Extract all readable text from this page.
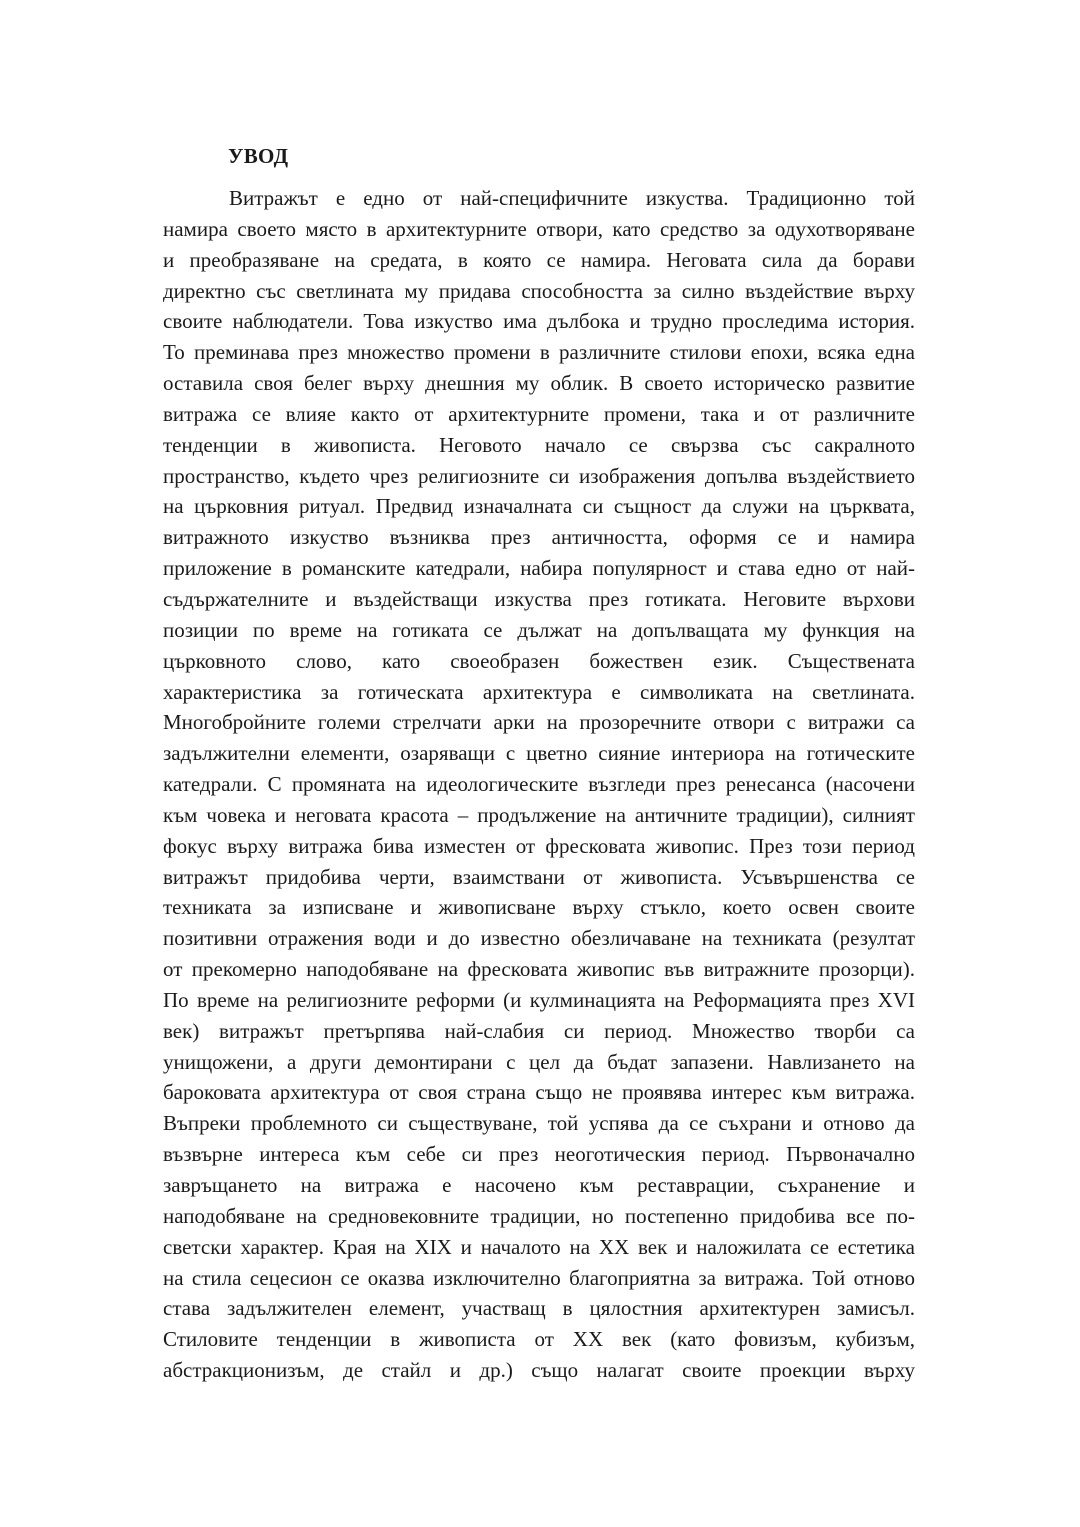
УВОД
Витражът е едно от най-специфичните изкуства. Традиционно той
намира своето място в архитектурните отвори, като средство за одухотворяване
и преобразяване на средата, в която се намира. Неговата сила да борави
директно със светлината му придава способността за силно въздействие върху
своите наблюдатели. Това изкуство има дълбока и трудно проследима история.
То преминава през множество промени в различните стилови епохи, всяка една
оставила своя белег върху днешния му облик. В своето историческо развитие
витража се влияе както от архитектурните промени, така и от различните
тенденции в живописта. Неговото начало се свързва със сакралното
пространство, където чрез религиозните си изображения допълва въздействието
на църковния ритуал. Предвид изначалната си същност да служи на църквата,
витражното изкуство възниква през античността, оформя се и намира
приложение в романските катедрали, набира популярност и става едно от най-
съдържателните и въздействащи изкуства през готиката. Неговите върхови
позиции по време на готиката се дължат на допълващата му функция на
църковното слово, като своеобразен божествен език. Съществената
характеристика за готическата архитектура е символиката на светлината.
Многобройните големи стрелчати арки на прозоречните отвори с витражи са
задължителни елементи, озаряващи с цветно сияние интериора на готическите
катедрали. С промяната на идеологическите възгледи през ренесанса (насочени
към човека и неговата красота – продължение на античните традиции), силният
фокус върху витража бива изместен от фресковата живопис. През този период
витражът придобива черти, взаимствани от живописта. Усъвършенства се
техниката за изписване и живописване върху стъкло, което освен своите
позитивни отражения води и до известно обезличаване на техниката (резултат
от прекомерно наподобяване на фресковата живопис във витражните прозорци).
По време на религиозните реформи (и кулминацията на Реформацията през XVI
век) витражът претърпява най-слабия си период. Множество творби са
унищожени, а други демонтирани с цел да бъдат запазени. Навлизането на
бароковата архитектура от своя страна също не проявява интерес към витража.
Въпреки проблемното си съществуване, той успява да се съхрани и отново да
възвърне интереса към себе си през неоготическия период. Първоначално
завръщането на витража е насочено към реставрации, съхранение и
наподобяване на средновековните традиции, но постепенно придобива все по-
светски характер. Края на XIX и началото на XX век и наложилата се естетика
на стила сецесион се оказва изключително благоприятна за витража. Той отново
става задължителен елемент, участващ в цялостния архитектурен замисъл.
Стиловите тенденции в живописта от XX век (като фовизъм, кубизъм,
абстракционизъм, де стайл и др.) също налагат своите проекции върху
